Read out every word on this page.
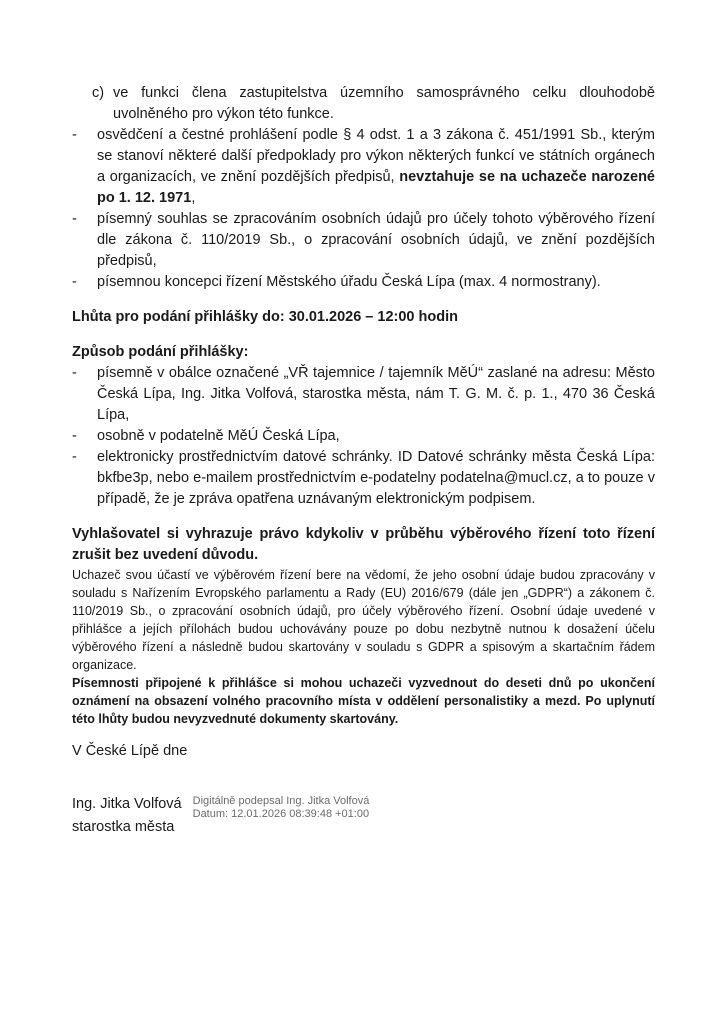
c) ve funkci člena zastupitelstva územního samosprávného celku dlouhodobě uvolněného pro výkon této funkce.
- osvědčení a čestné prohlášení podle § 4 odst. 1 a 3 zákona č. 451/1991 Sb., kterým se stanoví některé další předpoklady pro výkon některých funkcí ve státních orgánech a organizacích, ve znění pozdějších předpisů, nevztahuje se na uchazeče narozené po 1. 12. 1971,
- písemný souhlas se zpracováním osobních údajů pro účely tohoto výběrového řízení dle zákona č. 110/2019 Sb., o zpracování osobních údajů, ve znění pozdějších předpisů,
- písemnou koncepci řízení Městského úřadu Česká Lípa (max. 4 normostrany).

Lhůta pro podání přihlášky do: 30.01.2026 – 12:00 hodin

Způsob podání přihlášky:

- písemně v obálce označené „VŘ tajemnice / tajemník MěÚ“ zaslané na adresu: Město Česká Lípa, Ing. Jitka Volfová, starostka města, nám T. G. M. č. p. 1., 470 36 Česká Lípa,
- osobně v podatelně MěÚ Česká Lípa,
- elektronicky prostřednictvím datové schránky. ID Datové schránky města Česká Lípa: bkfbe3p, nebo e-mailem prostřednictvím e-podatelny podatelna@mucl.cz, a to pouze v případě, že je zpráva opatřena uznávaným elektronickým podpisem.

Vyhlašovatel si vyhrazuje právo kdykoliv v průběhu výběrového řízení toto řízení zrušit bez uvedení důvodu.

Uchazeč svou účastí ve výběrovém řízení bere na vědomí, že jeho osobní údaje budou zpracovány v souladu s Nařízením Evropského parlamentu a Rady (EU) 2016/679 (dále jen „GDPR“) a zákonem č. 110/2019 Sb., o zpracování osobních údajů, pro účely výběrového řízení. Osobní údaje uvedené v přihlášce a jejích přílohách budou uchovávány pouze po dobu nezbytně nutnou k dosažení účelu výběrového řízení a následně budou skartovány v souladu s GDPR a spisovým a skartačním řádem organizace.

Písemnosti připojené k přihlášce si mohou uchazeči vyzvednout do deseti dnů po ukončení oznámení na obsazení volného pracovního místa v oddělení personalistiky a mezd. Po uplynutí této lhůty budou nevyzvednuté dokumenty skartovány.

V České Lípě dne

Ing. Jitka Volfová
starostka města
Digitálně podepsal Ing. Jitka Volfová
Datum: 12.01.2026 08:39:48 +01:00
